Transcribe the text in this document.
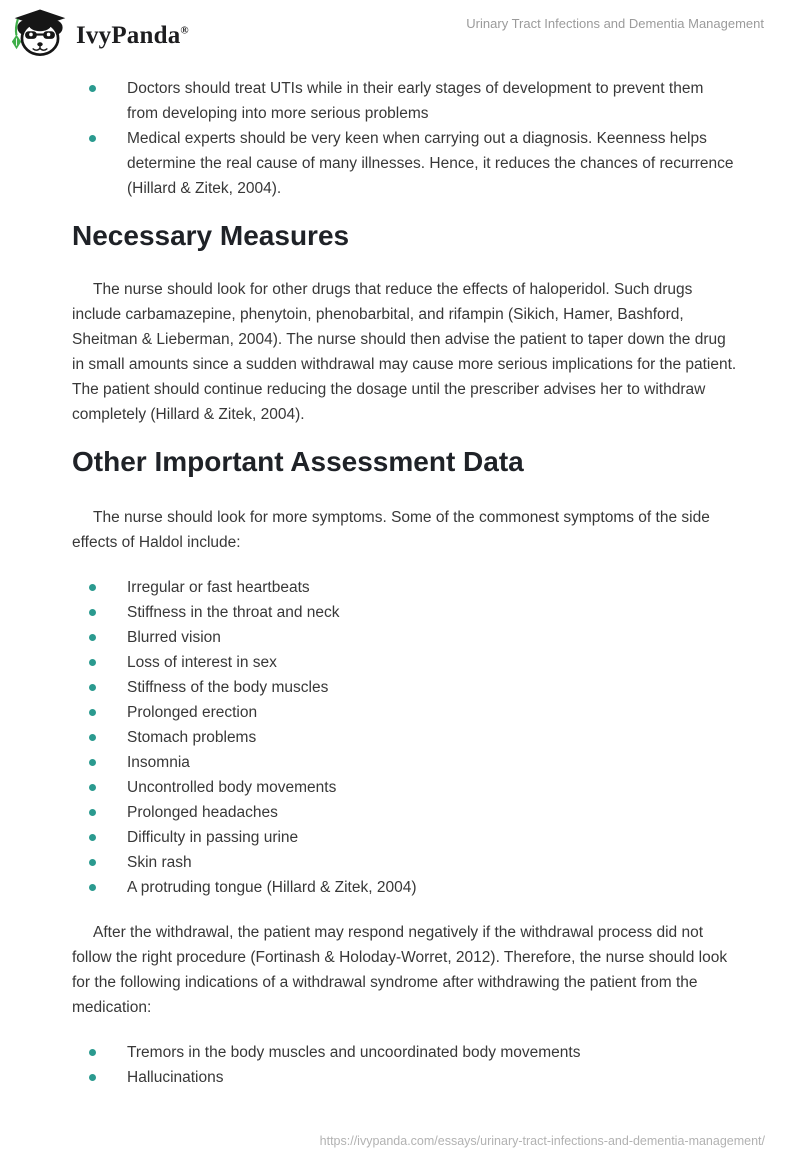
IvyPanda®	Urinary Tract Infections and Dementia Management
Doctors should treat UTIs while in their early stages of development to prevent them from developing into more serious problems
Medical experts should be very keen when carrying out a diagnosis. Keenness helps determine the real cause of many illnesses. Hence, it reduces the chances of recurrence (Hillard & Zitek, 2004).
Necessary Measures

The nurse should look for other drugs that reduce the effects of haloperidol. Such drugs include carbamazepine, phenytoin, phenobarbital, and rifampin (Sikich, Hamer, Bashford, Sheitman & Lieberman, 2004). The nurse should then advise the patient to taper down the drug in small amounts since a sudden withdrawal may cause more serious implications for the patient. The patient should continue reducing the dosage until the prescriber advises her to withdraw completely (Hillard & Zitek, 2004).

Other Important Assessment Data

The nurse should look for more symptoms. Some of the commonest symptoms of the side effects of Haldol include:

Irregular or fast heartbeats
Stiffness in the throat and neck
Blurred vision
Loss of interest in sex
Stiffness of the body muscles
Prolonged erection
Stomach problems
Insomnia
Uncontrolled body movements
Prolonged headaches
Difficulty in passing urine
Skin rash
A protruding tongue (Hillard & Zitek, 2004)

After the withdrawal, the patient may respond negatively if the withdrawal process did not follow the right procedure (Fortinash & Holoday-Worret, 2012). Therefore, the nurse should look for the following indications of a withdrawal syndrome after withdrawing the patient from the medication:

Tremors in the body muscles and uncoordinated body movements
Hallucinations
https://ivypanda.com/essays/urinary-tract-infections-and-dementia-management/
